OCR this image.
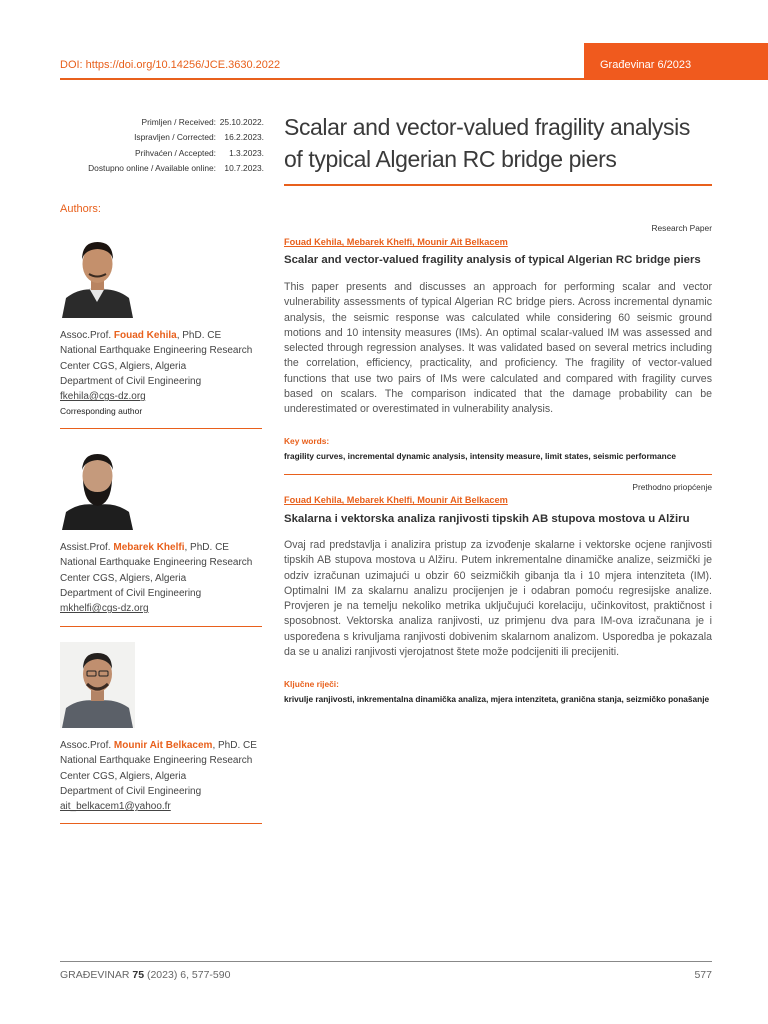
DOI: https://doi.org/10.14256/JCE.3630.2022	Građevinar 6/2023
Primljen / Received: 25.10.2022.
Ispravljen / Corrected:	16.2.2023.
Prihvaćen / Accepted:	1.3.2023.
Dostupno online / Available online:	10.7.2023.
Scalar and vector-valued fragility analysis
of typical Algerian RC bridge piers
Authors:
Assoc.Prof. Fouad Kehila, PhD. CE
National Earthquake Engineering Research
Center CGS, Algiers, Algeria
Department of Civil Engineering
fkehila@cgs-dz.org
Corresponding author
Assist.Prof. Mebarek Khelfi, PhD. CE
National Earthquake Engineering Research
Center CGS, Algiers, Algeria
Department of Civil Engineering
mkhelfi@cgs-dz.org
Assoc.Prof. Mounir Ait Belkacem, PhD. CE
National Earthquake Engineering Research
Center CGS, Algiers, Algeria
Department of Civil Engineering
ait_belkacem1@yahoo.fr
Research Paper
Fouad Kehila, Mebarek Khelfi, Mounir Ait Belkacem
Scalar and vector-valued fragility analysis of typical Algerian RC bridge piers
This paper presents and discusses an approach for performing scalar and vector vulnerability assessments of typical Algerian RC bridge piers. Across incremental dynamic analysis, the seismic response was calculated while considering 60 seismic ground motions and 10 intensity measures (IMs). An optimal scalar-valued IM was assessed and selected through regression analyses. It was validated based on several metrics including the correlation, efficiency, practicality, and proficiency. The fragility of vector-valued functions that use two pairs of IMs were calculated and compared with fragility curves based on scalars. The comparison indicated that the damage probability can be underestimated or overestimated in vulnerability analysis.
Key words:
fragility curves, incremental dynamic analysis, intensity measure, limit states, seismic performance
Prethodno priopćenje
Fouad Kehila, Mebarek Khelfi, Mounir Ait Belkacem
Skalarna i vektorska analiza ranjivosti tipskih AB stupova mostova u Alžiru
Ovaj rad predstavlja i analizira pristup za izvođenje skalarne i vektorske ocjene ranjivosti tipskih AB stupova mostova u Alžiru. Putem inkrementalne dinamičke analize, seizmički je odziv izračunan uzimajući u obzir 60 seizmičkih gibanja tla i 10 mjera intenziteta (IM). Optimalni IM za skalarnu analizu procijenjen je i odabran pomoću regresijske analize. Provjeren je na temelju nekoliko metrika uključujući korelaciju, učinkovitost, praktičnost i sposobnost. Vektorska analiza ranjivosti, uz primjenu dva para IM-ova izračunana je i uspoređena s krivuljama ranjivosti dobivenim skalarnom analizom. Usporedba je pokazala da se u analizi ranjivosti vjerojatnost štete može podcijeniti ili precijeniti.
Ključne riječi:
krivulje ranjivosti, inkrementalna dinamička analiza, mjera intenziteta, granična stanja, seizmičko ponašanje
GRAĐEVINAR 75 (2023) 6, 577-590	577
